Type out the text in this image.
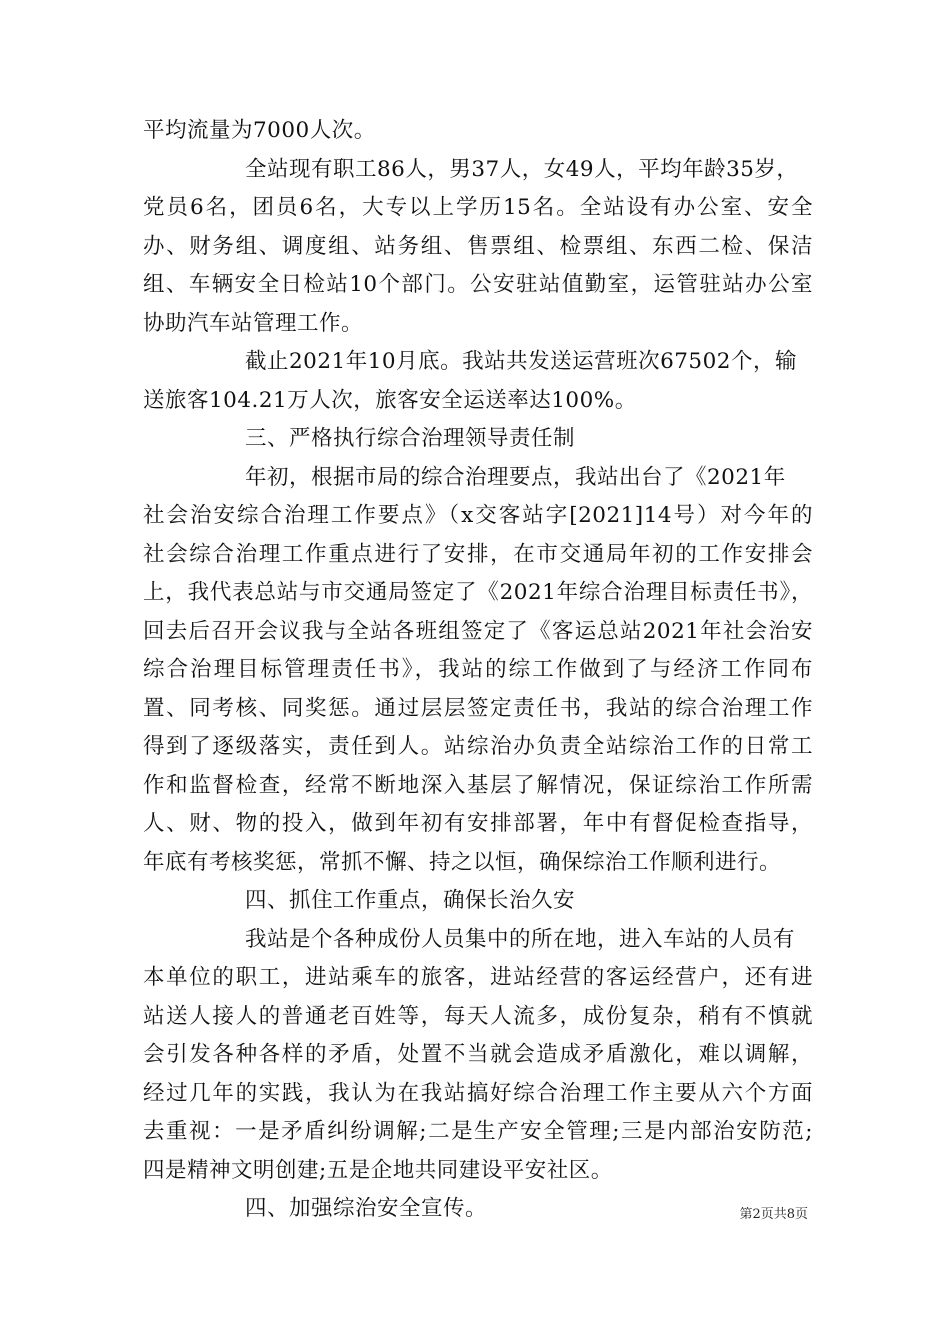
平均流量为7000人次。
全站现有职工86人，男37人，女49人，平均年龄35岁，
党员6名，团员6名，大专以上学历15名。全站设有办公室、安全
办、财务组、调度组、站务组、售票组、检票组、东西二检、保洁
组、车辆安全日检站10个部门。公安驻站值勤室，运管驻站办公室
协助汽车站管理工作。
截止2021年10月底。我站共发送运营班次67502个，输
送旅客104.21万人次，旅客安全运送率达100%。
三、严格执行综合治理领导责任制
年初，根据市局的综合治理要点，我站出台了《2021年
社会治安综合治理工作要点》（x交客站字[2021]14号）对今年的
社会综合治理工作重点进行了安排，在市交通局年初的工作安排会
上，我代表总站与市交通局签定了《2021年综合治理目标责任书》，
回去后召开会议我与全站各班组签定了《客运总站2021年社会治安
综合治理目标管理责任书》，我站的综工作做到了与经济工作同布
置、同考核、同奖惩。通过层层签定责任书，我站的综合治理工作
得到了逐级落实，责任到人。站综治办负责全站综治工作的日常工
作和监督检查，经常不断地深入基层了解情况，保证综治工作所需
人、财、物的投入，做到年初有安排部署，年中有督促检查指导，
年底有考核奖惩，常抓不懈、持之以恒，确保综治工作顺利进行。
四、抓住工作重点，确保长治久安
我站是个各种成份人员集中的所在地，进入车站的人员有
本单位的职工，进站乘车的旅客，进站经营的客运经营户，还有进
站送人接人的普通老百姓等，每天人流多，成份复杂，稍有不慎就
会引发各种各样的矛盾，处置不当就会造成矛盾激化，难以调解，
经过几年的实践，我认为在我站搞好综合治理工作主要从六个方面
去重视：一是矛盾纠纷调解;二是生产安全管理;三是内部治安防范;
四是精神文明创建;五是企地共同建设平安社区。
四、加强综治安全宣传。	第2页共8页
